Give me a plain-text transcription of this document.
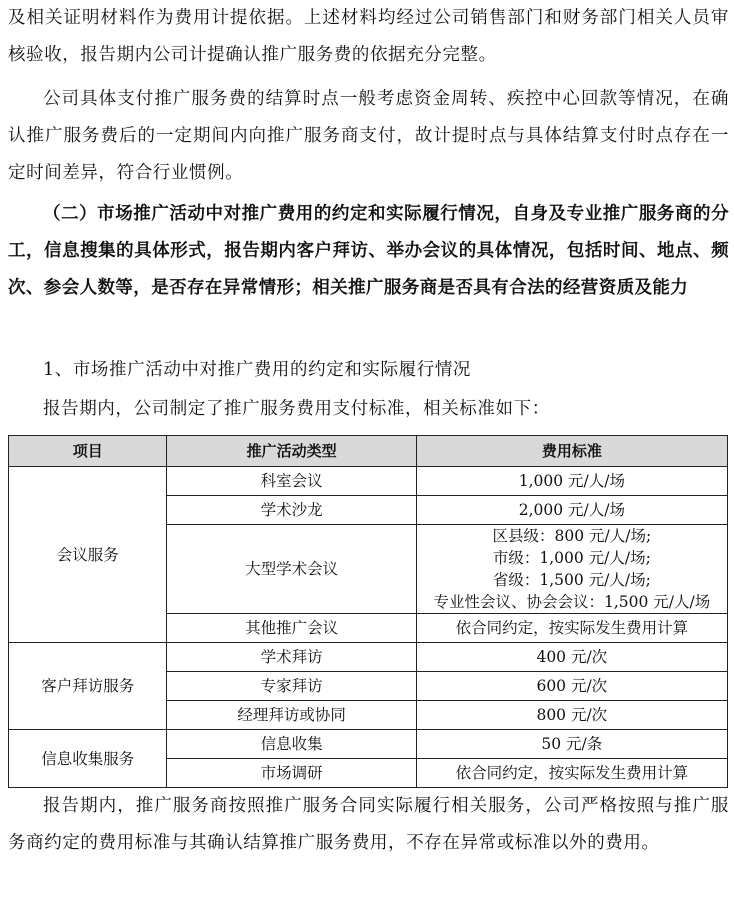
及相关证明材料作为费用计提依据。上述材料均经过公司销售部门和财务部门相关人员审核验收，报告期内公司计提确认推广服务费的依据充分完整。

公司具体支付推广服务费的结算时点一般考虑资金周转、疾控中心回款等情况，在确认推广服务费后的一定期间内向推广服务商支付，故计提时点与具体结算支付时点存在一定时间差异，符合行业惯例。

（二）市场推广活动中对推广费用的约定和实际履行情况，自身及专业推广服务商的分工，信息搜集的具体形式，报告期内客户拜访、举办会议的具体情况，包括时间、地点、频次、参会人数等，是否存在异常情形；相关推广服务商是否具有合法的经营资质及能力

1、市场推广活动中对推广费用的约定和实际履行情况

报告期内，公司制定了推广服务费用支付标准，相关标准如下：

项目	推广活动类型	费用标准
会议服务	科室会议	1,000 元/人/场
	学术沙龙	2,000 元/人/场
	大型学术会议	区县级：800 元/人/场;
市级：1,000 元/人/场;
省级：1,500 元/人/场;
专业性会议、协会会议：1,500 元/人/场

	其他推广会议	依合同约定，按实际发生费用计算
客户拜访服务	学术拜访	400 元/次
	专家拜访	600 元/次
	经理拜访或协同	800 元/次
信息收集服务	信息收集	50 元/条
	市场调研	依合同约定，按实际发生费用计算

报告期内，推广服务商按照推广服务合同实际履行相关服务，公司严格按照与推广服务商约定的费用标准与其确认结算推广服务费用，不存在异常或标准以外的费用。
